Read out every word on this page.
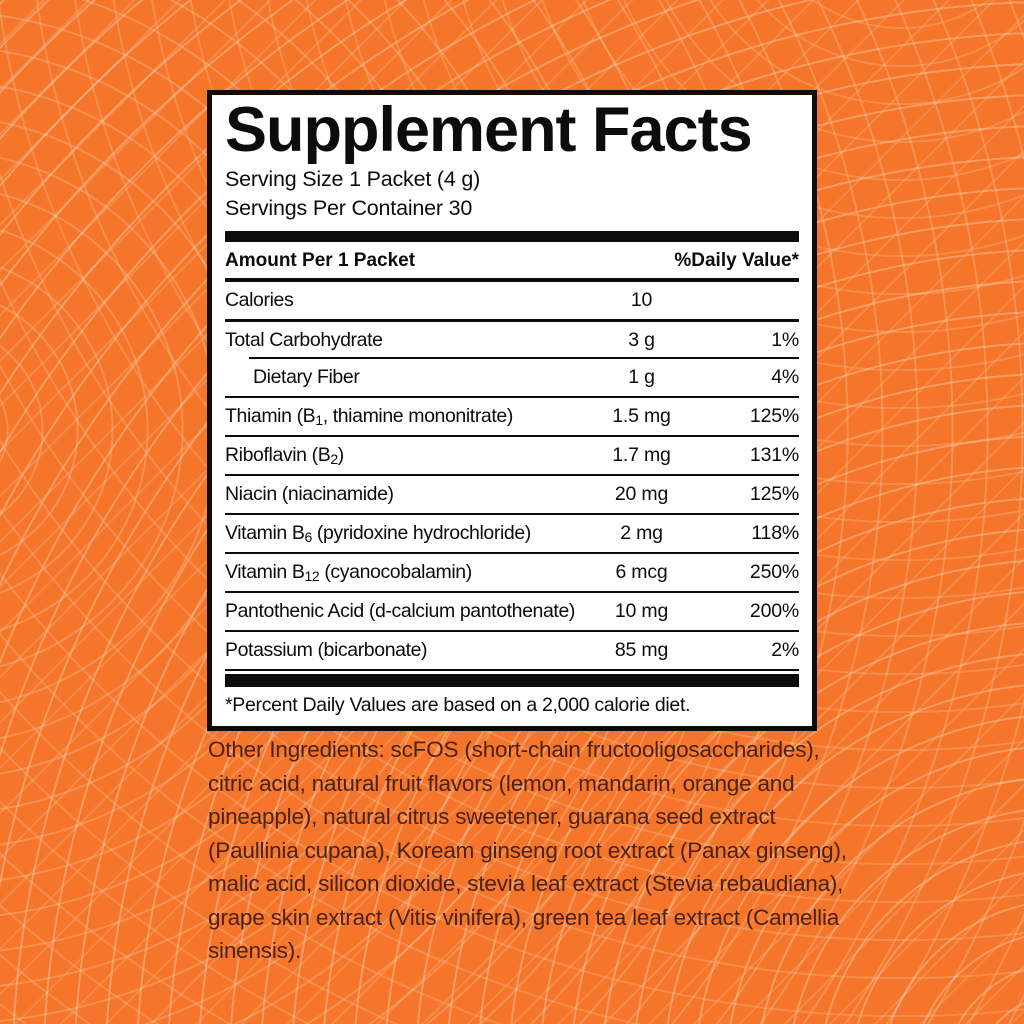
Supplement Facts
Serving Size 1 Packet (4 g)
Servings Per Container 30
Amount Per 1 Packet	%Daily Value*
Calories	10
Total Carbohydrate	3 g	1%
Dietary Fiber	1 g	4%
Thiamin ($B_1$, thiamine mononitrate)	1.5 mg	125%
Riboflavin $(B_2)$	1.7 mg	131%
Niacin (niacinamide)	20 mg	125%
Vitamin $B_6$ (pyridoxine hydrochloride)	2 mg	118%
Vitamin $B_{12}$ (cyanocobalamin)	6 mcg	250%
Pantothenic Acid (d-calcium pantothenate)	10 mg	200%
Potassium (bicarbonate)	85 mg	2%
*Percent Daily Values are based on a 2,000 calorie diet.
Other Ingredients: scFOS (short-chain fructooligosaccharides), citric acid, natural fruit flavors (lemon, mandarin, orange and pineapple), natural citrus sweetener, guarana seed extract (Paullinia cupana), Koream ginseng root extract (Panax ginseng), malic acid, silicon dioxide, stevia leaf extract (Stevia rebaudiana), grape skin extract (Vitis vinifera), green tea leaf extract (Camellia sinensis).
